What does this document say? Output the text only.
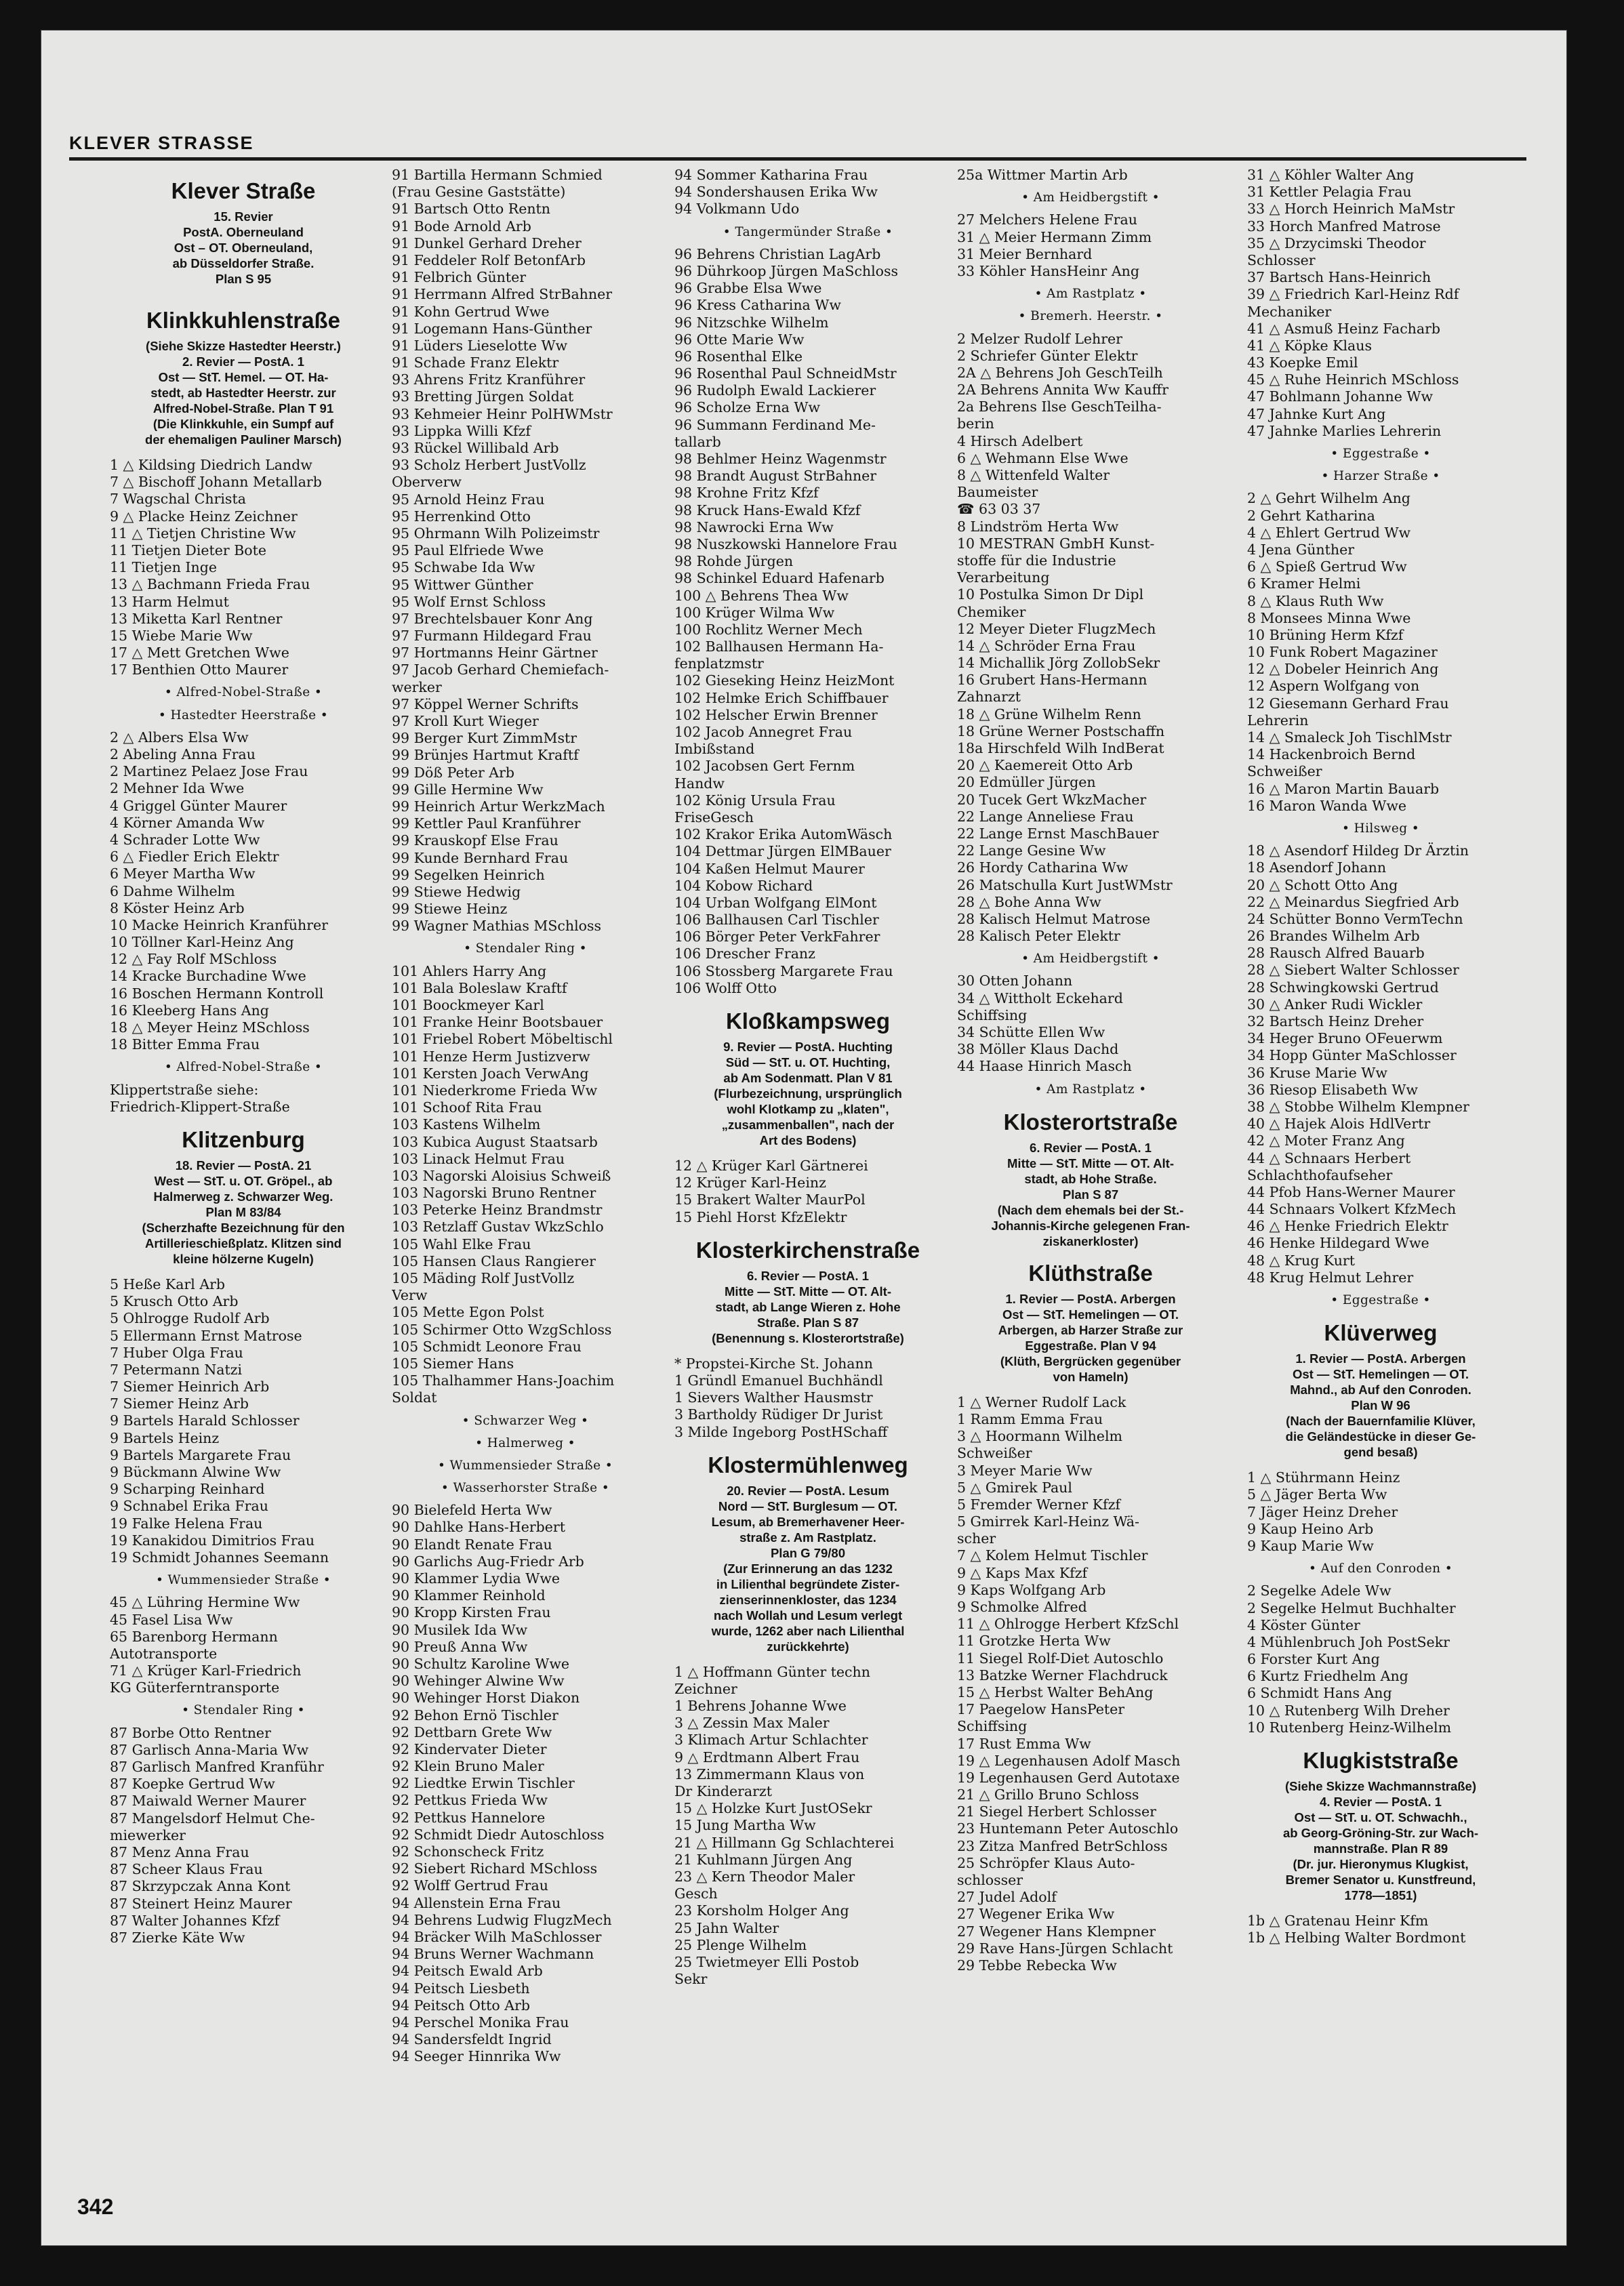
KLEVER STRASSE
Klever Straße
15. Revier
PostA. Oberneuland
Ost – OT. Oberneuland,
ab Düsseldorfer Straße.
Plan S 95
Klinkkuhlenstraße
(Siehe Skizze Hastedter Heerstr.)
2. Revier — PostA. 1
Ost — StT. Hemel. — OT. Ha-
stedt, ab Hastedter Heerstr. zur
Alfred-Nobel-Straße. Plan T 91
(Die Klinkkuhle, ein Sumpf auf
der ehemaligen Pauliner Marsch)
1 △ Kildsing Diedrich Landw
7 △ Bischoff Johann Metallarb
7 Wagschal Christa
9 △ Placke Heinz Zeichner
11 △ Tietjen Christine Ww
11 Tietjen Dieter Bote
11 Tietjen Inge
13 △ Bachmann Frieda Frau
13 Harm Helmut
13 Miketta Karl Rentner
15 Wiebe Marie Ww
17 △ Mett Gretchen Wwe
17 Benthien Otto Maurer
• Alfred-Nobel-Straße •
• Hastedter Heerstraße •
2 △ Albers Elsa Ww
2 Abeling Anna Frau
2 Martinez Pelaez Jose Frau
2 Mehner Ida Wwe
4 Griggel Günter Maurer
4 Körner Amanda Ww
4 Schrader Lotte Ww
6 △ Fiedler Erich Elektr
6 Meyer Martha Ww
6 Dahme Wilhelm
8 Köster Heinz Arb
10 Macke Heinrich Kranführer
10 Töllner Karl-Heinz Ang
12 △ Fay Rolf MSchloss
14 Kracke Burchadine Wwe
16 Boschen Hermann Kontroll
16 Kleeberg Hans Ang
18 △ Meyer Heinz MSchloss
18 Bitter Emma Frau
• Alfred-Nobel-Straße •
Klippertstraße siehe:
Friedrich-Klippert-Straße
Klitzenburg
18. Revier — PostA. 21
West — StT. u. OT. Gröpel., ab
Halmerweg z. Schwarzer Weg.
Plan M 83/84
(Scherzhafte Bezeichnung für den
Artillerieschießplatz. Klitzen sind
kleine hölzerne Kugeln)
5 Heße Karl Arb
5 Krusch Otto Arb
5 Ohlrogge Rudolf Arb
5 Ellermann Ernst Matrose
7 Huber Olga Frau
7 Petermann Natzi
7 Siemer Heinrich Arb
7 Siemer Heinz Arb
9 Bartels Harald Schlosser
9 Bartels Heinz
9 Bartels Margarete Frau
9 Bückmann Alwine Ww
9 Scharping Reinhard
9 Schnabel Erika Frau
19 Falke Helena Frau
19 Kanakidou Dimitrios Frau
19 Schmidt Johannes Seemann
• Wummensieder Straße •
45 △ Lühring Hermine Ww
45 Fasel Lisa Ww
65 Barenborg Hermann
Autotransporte
71 △ Krüger Karl-Friedrich
KG Güterferntransporte
• Stendaler Ring •
87 Borbe Otto Rentner
87 Garlisch Anna-Maria Ww
87 Garlisch Manfred Kranführ
87 Koepke Gertrud Ww
87 Maiwald Werner Maurer
87 Mangelsdorf Helmut Che-
miewerker
87 Menz Anna Frau
87 Scheer Klaus Frau
87 Skrzypczak Anna Kont
87 Steinert Heinz Maurer
87 Walter Johannes Kfzf
87 Zierke Käte Ww
91 Bartilla Hermann Schmied
(Frau Gesine Gaststätte)
91 Bartsch Otto Rentn
91 Bode Arnold Arb
91 Dunkel Gerhard Dreher
91 Feddeler Rolf BetonfArb
91 Felbrich Günter
91 Herrmann Alfred StrBahner
91 Kohn Gertrud Wwe
91 Logemann Hans-Günther
91 Lüders Lieselotte Ww
91 Schade Franz Elektr
93 Ahrens Fritz Kranführer
93 Bretting Jürgen Soldat
93 Kehmeier Heinr PolHWMstr
93 Lippka Willi Kfzf
93 Rückel Willibald Arb
93 Scholz Herbert JustVollz
Oberverw
95 Arnold Heinz Frau
95 Herrenkind Otto
95 Ohrmann Wilh Polizeimstr
95 Paul Elfriede Wwe
95 Schwabe Ida Ww
95 Wittwer Günther
95 Wolf Ernst Schloss
97 Brechtelsbauer Konr Ang
97 Furmann Hildegard Frau
97 Hortmanns Heinr Gärtner
97 Jacob Gerhard Chemiefach-
werker
97 Köppel Werner Schrifts
97 Kroll Kurt Wieger
99 Berger Kurt ZimmMstr
99 Brünjes Hartmut Kraftf
99 Döß Peter Arb
99 Gille Hermine Ww
99 Heinrich Artur WerkzMach
99 Kettler Paul Kranführer
99 Krauskopf Else Frau
99 Kunde Bernhard Frau
99 Segelken Heinrich
99 Stiewe Hedwig
99 Stiewe Heinz
99 Wagner Mathias MSchloss
• Stendaler Ring •
101 Ahlers Harry Ang
101 Bala Boleslaw Kraftf
101 Boockmeyer Karl
101 Franke Heinr Bootsbauer
101 Friebel Robert Möbeltischl
101 Henze Herm Justizverw
101 Kersten Joach VerwAng
101 Niederkrome Frieda Ww
101 Schoof Rita Frau
103 Kastens Wilhelm
103 Kubica August Staatsarb
103 Linack Helmut Frau
103 Nagorski Aloisius Schweiß
103 Nagorski Bruno Rentner
103 Peterke Heinz Brandmstr
103 Retzlaff Gustav WkzSchlo
105 Wahl Elke Frau
105 Hansen Claus Rangierer
105 Mäding Rolf JustVollz
Verw
105 Mette Egon Polst
105 Schirmer Otto WzgSchloss
105 Schmidt Leonore Frau
105 Siemer Hans
105 Thalhammer Hans-Joachim
Soldat
• Schwarzer Weg •
• Halmerweg •
• Wummensieder Straße •
• Wasserhorster Straße •
90 Bielefeld Herta Ww
90 Dahlke Hans-Herbert
90 Elandt Renate Frau
90 Garlichs Aug-Friedr Arb
90 Klammer Lydia Wwe
90 Klammer Reinhold
90 Kropp Kirsten Frau
90 Musilek Ida Ww
90 Preuß Anna Ww
90 Schultz Karoline Wwe
90 Wehinger Alwine Ww
90 Wehinger Horst Diakon
92 Behon Ernö Tischler
92 Dettbarn Grete Ww
92 Kindervater Dieter
92 Klein Bruno Maler
92 Liedtke Erwin Tischler
92 Pettkus Frieda Ww
92 Pettkus Hannelore
92 Schmidt Diedr Autoschloss
92 Schonscheck Fritz
92 Siebert Richard MSchloss
92 Wolff Gertrud Frau
94 Allenstein Erna Frau
94 Behrens Ludwig FlugzMech
94 Bräcker Wilh MaSchlosser
94 Bruns Werner Wachmann
94 Peitsch Ewald Arb
94 Peitsch Liesbeth
94 Peitsch Otto Arb
94 Perschel Monika Frau
94 Sandersfeldt Ingrid
94 Seeger Hinnrika Ww
94 Sommer Katharina Frau
94 Sondershausen Erika Ww
94 Volkmann Udo
• Tangermünder Straße •
96 Behrens Christian LagArb
96 Dührkoop Jürgen MaSchloss
96 Grabbe Elsa Wwe
96 Kress Catharina Ww
96 Nitzschke Wilhelm
96 Otte Marie Ww
96 Rosenthal Elke
96 Rosenthal Paul SchneidMstr
96 Rudolph Ewald Lackierer
96 Scholze Erna Ww
96 Summann Ferdinand Me-
tallarb
98 Behlmer Heinz Wagenmstr
98 Brandt August StrBahner
98 Krohne Fritz Kfzf
98 Kruck Hans-Ewald Kfzf
98 Nawrocki Erna Ww
98 Nuszkowski Hannelore Frau
98 Rohde Jürgen
98 Schinkel Eduard Hafenarb
100 △ Behrens Thea Ww
100 Krüger Wilma Ww
100 Rochlitz Werner Mech
102 Ballhausen Hermann Ha-
fenplatzmstr
102 Gieseking Heinz HeizMont
102 Helmke Erich Schiffbauer
102 Helscher Erwin Brenner
102 Jacob Annegret Frau
Imbißstand
102 Jacobsen Gert Fernm
Handw
102 König Ursula Frau
FriseGesch
102 Krakor Erika AutomWäsch
104 Dettmar Jürgen ElMBauer
104 Kaßen Helmut Maurer
104 Kobow Richard
104 Urban Wolfgang ElMont
106 Ballhausen Carl Tischler
106 Börger Peter VerkFahrer
106 Drescher Franz
106 Stossberg Margarete Frau
106 Wolff Otto
Kloßkampsweg
9. Revier — PostA. Huchting
Süd — StT. u. OT. Huchting,
ab Am Sodenmatt. Plan V 81
(Flurbezeichnung, ursprünglich
wohl Klotkamp zu „klaten",
„zusammenballen", nach der
Art des Bodens)
12 △ Krüger Karl Gärtnerei
12 Krüger Karl-Heinz
15 Brakert Walter MaurPol
15 Piehl Horst KfzElektr
Klosterkirchenstraße
6. Revier — PostA. 1
Mitte — StT. Mitte — OT. Alt-
stadt, ab Lange Wieren z. Hohe
Straße. Plan S 87
(Benennung s. Klosterortstraße)
* Propstei-Kirche St. Johann
1 Gründl Emanuel Buchhändl
1 Sievers Walther Hausmstr
3 Bartholdy Rüdiger Dr Jurist
3 Milde Ingeborg PostHSchaff
Klostermühlenweg
20. Revier — PostA. Lesum
Nord — StT. Burglesum — OT.
Lesum, ab Bremerhavener Heer-
straße z. Am Rastplatz.
Plan G 79/80
(Zur Erinnerung an das 1232
in Lilienthal begründete Zister-
zienserinnenkloster, das 1234
nach Wollah und Lesum verlegt
wurde, 1262 aber nach Lilienthal
zurückkehrte)
1 △ Hoffmann Günter techn
Zeichner
1 Behrens Johanne Wwe
3 △ Zessin Max Maler
3 Klimach Artur Schlachter
9 △ Erdtmann Albert Frau
13 Zimmermann Klaus von
Dr Kinderarzt
15 △ Holzke Kurt JustOSekr
15 Jung Martha Ww
21 △ Hillmann Gg Schlachterei
21 Kuhlmann Jürgen Ang
23 △ Kern Theodor Maler
Gesch
23 Korsholm Holger Ang
25 Jahn Walter
25 Plenge Wilhelm
25 Twietmeyer Elli Postob
Sekr
25a Wittmer Martin Arb
• Am Heidbergstift •
27 Melchers Helene Frau
31 △ Meier Hermann Zimm
31 Meier Bernhard
33 Köhler HansHeinr Ang
• Am Rastplatz •
• Bremerh. Heerstr. •
2 Melzer Rudolf Lehrer
2 Schriefer Günter Elektr
2A △ Behrens Joh GeschTeilh
2A Behrens Annita Ww Kauffr
2a Behrens Ilse GeschTeilha-
berin
4 Hirsch Adelbert
6 △ Wehmann Else Wwe
8 △ Wittenfeld Walter
Baumeister
☎ 63 03 37
8 Lindström Herta Ww
10 MESTRAN GmbH Kunst-
stoffe für die Industrie
Verarbeitung
10 Postulka Simon Dr Dipl
Chemiker
12 Meyer Dieter FlugzMech
14 △ Schröder Erna Frau
14 Michallik Jörg ZollobSekr
16 Grubert Hans-Hermann
Zahnarzt
18 △ Grüne Wilhelm Renn
18 Grüne Werner Postschaffn
18a Hirschfeld Wilh IndBerat
20 △ Kaemereit Otto Arb
20 Edmüller Jürgen
20 Tucek Gert WkzMacher
22 Lange Anneliese Frau
22 Lange Ernst MaschBauer
22 Lange Gesine Ww
26 Hordy Catharina Ww
26 Matschulla Kurt JustWMstr
28 △ Bohe Anna Ww
28 Kalisch Helmut Matrose
28 Kalisch Peter Elektr
• Am Heidbergstift •
30 Otten Johann
34 △ Wittholt Eckehard
Schiffsing
34 Schütte Ellen Ww
38 Möller Klaus Dachd
44 Haase Hinrich Masch
• Am Rastplatz •
Klosterortstraße
6. Revier — PostA. 1
Mitte — StT. Mitte — OT. Alt-
stadt, ab Hohe Straße.
Plan S 87
(Nach dem ehemals bei der St.-
Johannis-Kirche gelegenen Fran-
ziskanerkloster)
Klüthstraße
1. Revier — PostA. Arbergen
Ost — StT. Hemelingen — OT.
Arbergen, ab Harzer Straße zur
Eggestraße. Plan V 94
(Klüth, Bergrücken gegenüber
von Hameln)
1 △ Werner Rudolf Lack
1 Ramm Emma Frau
3 △ Hoormann Wilhelm
Schweißer
3 Meyer Marie Ww
5 △ Gmirek Paul
5 Fremder Werner Kfzf
5 Gmirrek Karl-Heinz Wä-
scher
7 △ Kolem Helmut Tischler
9 △ Kaps Max Kfzf
9 Kaps Wolfgang Arb
9 Schmolke Alfred
11 △ Ohlrogge Herbert KfzSchl
11 Grotzke Herta Ww
11 Siegel Rolf-Diet Autoschlo
13 Batzke Werner Flachdruck
15 △ Herbst Walter BehAng
17 Paegelow HansPeter
Schiffsing
17 Rust Emma Ww
19 △ Legenhausen Adolf Masch
19 Legenhausen Gerd Autotaxe
21 △ Grillo Bruno Schloss
21 Siegel Herbert Schlosser
23 Huntemann Peter Autoschlo
23 Zitza Manfred BetrSchloss
25 Schröpfer Klaus Auto-
schlosser
27 Judel Adolf
27 Wegener Erika Ww
27 Wegener Hans Klempner
29 Rave Hans-Jürgen Schlacht
29 Tebbe Rebecka Ww
31 △ Köhler Walter Ang
31 Kettler Pelagia Frau
33 △ Horch Heinrich MaMstr
33 Horch Manfred Matrose
35 △ Drzycimski Theodor
Schlosser
37 Bartsch Hans-Heinrich
39 △ Friedrich Karl-Heinz Rdf
Mechaniker
41 △ Asmuß Heinz Facharb
41 △ Köpke Klaus
43 Koepke Emil
45 △ Ruhe Heinrich MSchloss
47 Bohlmann Johanne Ww
47 Jahnke Kurt Ang
47 Jahnke Marlies Lehrerin
• Eggestraße •
• Harzer Straße •
2 △ Gehrt Wilhelm Ang
2 Gehrt Katharina
4 △ Ehlert Gertrud Ww
4 Jena Günther
6 △ Spieß Gertrud Ww
6 Kramer Helmi
8 △ Klaus Ruth Ww
8 Monsees Minna Wwe
10 Brüning Herm Kfzf
10 Funk Robert Magaziner
12 △ Dobeler Heinrich Ang
12 Aspern Wolfgang von
12 Giesemann Gerhard Frau
Lehrerin
14 △ Smaleck Joh TischlMstr
14 Hackenbroich Bernd
Schweißer
16 △ Maron Martin Bauarb
16 Maron Wanda Wwe
• Hilsweg •
18 △ Asendorf Hildeg Dr Ärztin
18 Asendorf Johann
20 △ Schott Otto Ang
22 △ Meinardus Siegfried Arb
24 Schütter Bonno VermTechn
26 Brandes Wilhelm Arb
28 Rausch Alfred Bauarb
28 △ Siebert Walter Schlosser
28 Schwingkowski Gertrud
30 △ Anker Rudi Wickler
32 Bartsch Heinz Dreher
34 Heger Bruno OFeuerwm
34 Hopp Günter MaSchlosser
36 Kruse Marie Ww
36 Riesop Elisabeth Ww
38 △ Stobbe Wilhelm Klempner
40 △ Hajek Alois HdlVertr
42 △ Moter Franz Ang
44 △ Schnaars Herbert
Schlachthofaufseher
44 Pfob Hans-Werner Maurer
44 Schnaars Volkert KfzMech
46 △ Henke Friedrich Elektr
46 Henke Hildegard Wwe
48 △ Krug Kurt
48 Krug Helmut Lehrer
• Eggestraße •
Klüverweg
1. Revier — PostA. Arbergen
Ost — StT. Hemelingen — OT.
Mahnd., ab Auf den Conroden.
Plan W 96
(Nach der Bauernfamilie Klüver,
die Geländestücke in dieser Ge-
gend besaß)
1 △ Stührmann Heinz
5 △ Jäger Berta Ww
7 Jäger Heinz Dreher
9 Kaup Heino Arb
9 Kaup Marie Ww
• Auf den Conroden •
2 Segelke Adele Ww
2 Segelke Helmut Buchhalter
4 Köster Günter
4 Mühlenbruch Joh PostSekr
6 Forster Kurt Ang
6 Kurtz Friedhelm Ang
6 Schmidt Hans Ang
10 △ Rutenberg Wilh Dreher
10 Rutenberg Heinz-Wilhelm
Klugkiststraße
(Siehe Skizze Wachmannstraße)
4. Revier — PostA. 1
Ost — StT. u. OT. Schwachh.,
ab Georg-Gröning-Str. zur Wach-
mannstraße. Plan R 89
(Dr. jur. Hieronymus Klugkist,
Bremer Senator u. Kunstfreund,
1778—1851)
1b △ Gratenau Heinr Kfm
1b △ Helbing Walter Bordmont
342
